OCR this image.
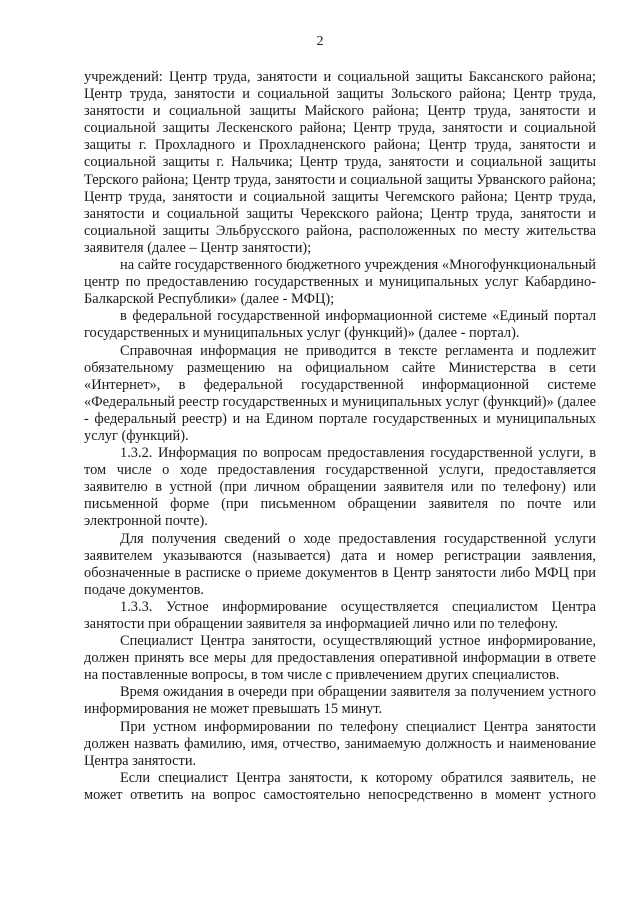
2

учреждений: Центр труда, занятости и социальной защиты Баксанского района; Центр труда, занятости и социальной защиты Зольского района; Центр труда, занятости и социальной защиты Майского района; Центр труда, занятости и социальной защиты Лескенского района; Центр труда, занятости и социальной защиты г. Прохладного и Прохладненского района; Центр труда, занятости и социальной защиты г. Нальчика; Центр труда, занятости и социальной защиты Терского района; Центр труда, занятости и социальной защиты Урванского района; Центр труда, занятости и социальной защиты Чегемского района; Центр труда, занятости и социальной защиты Черекского района; Центр труда, занятости и социальной защиты Эльбрусского района, расположенных по месту жительства заявителя (далее – Центр занятости);

на сайте государственного бюджетного учреждения «Многофункциональный центр по предоставлению государственных и муниципальных услуг Кабардино-Балкарской Республики» (далее - МФЦ);

в федеральной государственной информационной системе «Единый портал государственных и муниципальных услуг (функций)» (далее - портал).

Справочная информация не приводится в тексте регламента и подлежит обязательному размещению на официальном сайте Министерства в сети «Интернет», в федеральной государственной информационной системе «Федеральный реестр государственных и муниципальных услуг (функций)» (далее - федеральный реестр) и на Едином портале государственных и муниципальных услуг (функций).

1.3.2. Информация по вопросам предоставления государственной услуги, в том числе о ходе предоставления государственной услуги, предоставляется заявителю в устной (при личном обращении заявителя или по телефону) или письменной форме (при письменном обращении заявителя по почте или электронной почте).

Для получения сведений о ходе предоставления государственной услуги заявителем указываются (называется) дата и номер регистрации заявления, обозначенные в расписке о приеме документов в Центр занятости либо МФЦ при подаче документов.

1.3.3. Устное информирование осуществляется специалистом Центра занятости при обращении заявителя за информацией лично или по телефону.

Специалист Центра занятости, осуществляющий устное информирование, должен принять все меры для предоставления оперативной информации в ответе на поставленные вопросы, в том числе с привлечением других специалистов.

Время ожидания в очереди при обращении заявителя за получением устного информирования не может превышать 15 минут.

При устном информировании по телефону специалист Центра занятости должен назвать фамилию, имя, отчество, занимаемую должность и наименование Центра занятости.

Если специалист Центра занятости, к которому обратился заявитель, не может ответить на вопрос самостоятельно непосредственно в момент устного
